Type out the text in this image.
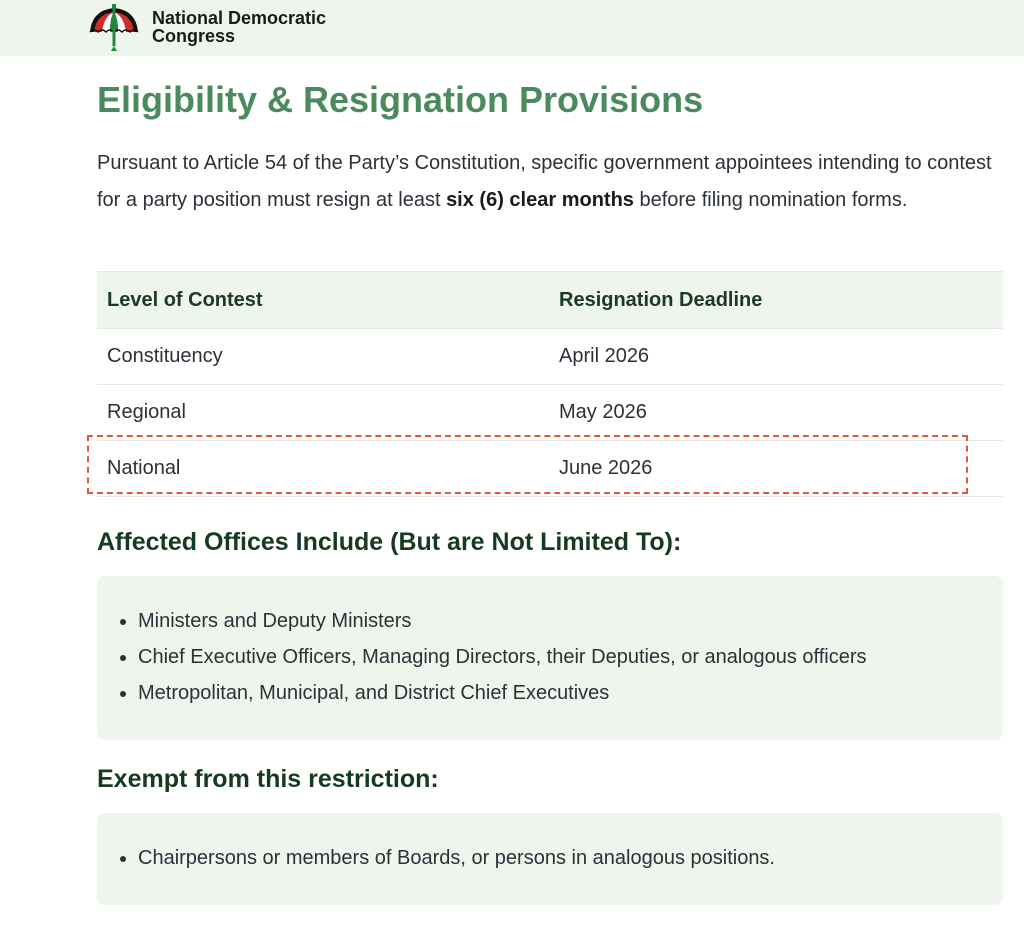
National Democratic
Congress
Eligibility & Resignation Provisions

Pursuant to Article 54 of the Party’s Constitution, specific government appointees intending to contest for a party position must resign at least six (6) clear months before filing nomination forms.

Level of Contest	Resignation Deadline
Constituency	April 2026
Regional	May 2026
National	June 2026
Affected Offices Include (But are Not Limited To):
• Ministers and Deputy Ministers
• Chief Executive Officers, Managing Directors, their Deputies, or analogous officers
• Metropolitan, Municipal, and District Chief Executives
Exempt from this restriction:
• Chairpersons or members of Boards, or persons in analogous positions.
